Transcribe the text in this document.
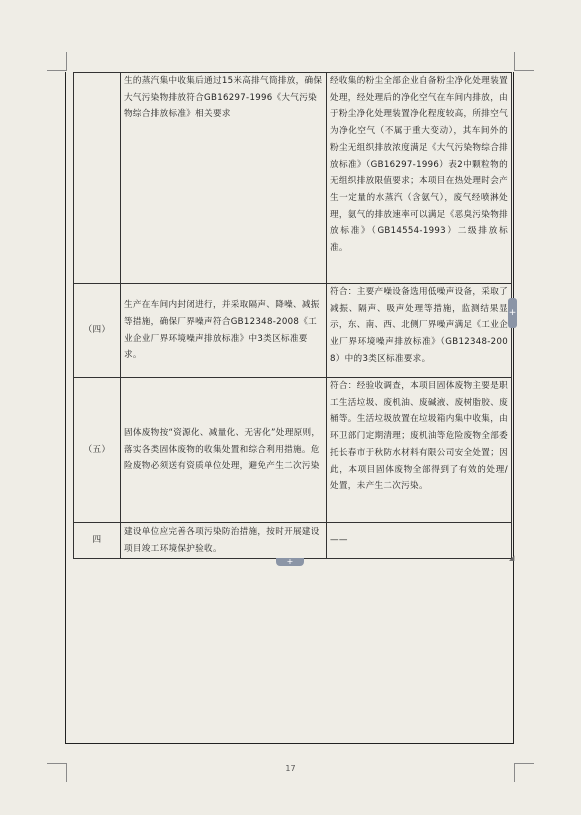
	生的蒸汽集中收集后通过15米高排气筒排放，确保大气污染物排放符合GB16297-1996《大气污染物综合排放标准》相关要求	经收集的粉尘全部企业自备粉尘净化处理装置处理，经处理后的净化空气在车间内排放，由于粉尘净化处理装置净化程度较高，所排空气为净化空气（不属于重大变动），其车间外的粉尘无组织排放浓度满足《大气污染物综合排放标准》（GB16297-1996）表2中颗粒物的无组织排放限值要求；本项目在热处理时会产生一定量的水蒸汽（含氨气），废气经喷淋处理，氨气的排放速率可以满足《恶臭污染物排放标准》（GB14554-1993）二级排放标准。
（四）	生产在车间内封闭进行，并采取隔声、降噪、减振等措施，确保厂界噪声符合GB12348-2008《工业企业厂界环境噪声排放标准》中3类区标准要求。	符合：主要产噪设备选用低噪声设备，采取了减振、隔声、吸声处理等措施，监测结果显示，东、南、西、北侧厂界噪声满足《工业企业厂界环境噪声排放标准》（GB12348-2008）中的3类区标准要求。
（五）	固体废物按“资源化、减量化、无害化”处理原则，落实各类固体废物的收集处置和综合利用措施。危险废物必须送有资质单位处理，避免产生二次污染	符合：经验收调查，本项目固体废物主要是职工生活垃圾、废机油、废碱液、废树脂胶、废桶等。生活垃圾放置在垃圾箱内集中收集，由环卫部门定期清理；废机油等危险废物全部委托长春市于秋防水材料有限公司安全处置；因此，本项目固体废物全部得到了有效的处理/处置，未产生二次污染。
四	建设单位应完善各项污染防治措施，按时开展建设项目竣工环境保护验收。	——
+
+	◢
17
